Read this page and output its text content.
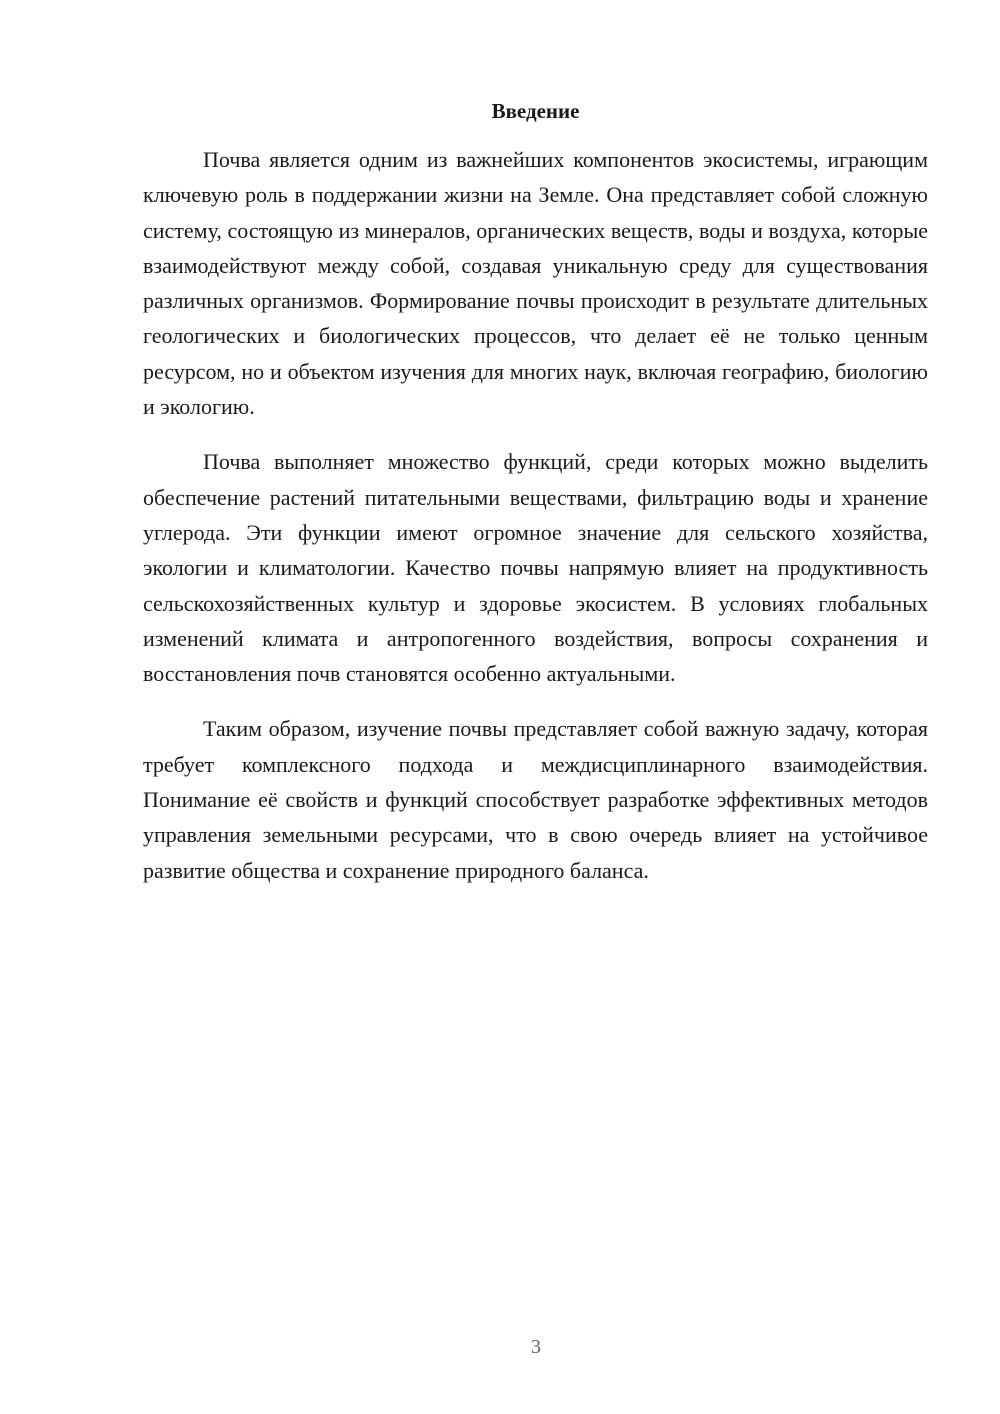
Введение

Почва является одним из важнейших компонентов экосистемы, играющим ключевую роль в поддержании жизни на Земле. Она представляет собой сложную систему, состоящую из минералов, органических веществ, воды и воздуха, которые взаимодействуют между собой, создавая уникальную среду для существования различных организмов. Формирование почвы происходит в результате длительных геологических и биологических процессов, что делает её не только ценным ресурсом, но и объектом изучения для многих наук, включая географию, биологию и экологию.

Почва выполняет множество функций, среди которых можно выделить обеспечение растений питательными веществами, фильтрацию воды и хранение углерода. Эти функции имеют огромное значение для сельского хозяйства, экологии и климатологии. Качество почвы напрямую влияет на продуктивность сельскохозяйственных культур и здоровье экосистем. В условиях глобальных изменений климата и антропогенного воздействия, вопросы сохранения и восстановления почв становятся особенно актуальными.

Таким образом, изучение почвы представляет собой важную задачу, которая требует комплексного подхода и междисциплинарного взаимодействия. Понимание её свойств и функций способствует разработке эффективных методов управления земельными ресурсами, что в свою очередь влияет на устойчивое развитие общества и сохранение природного баланса.

3
